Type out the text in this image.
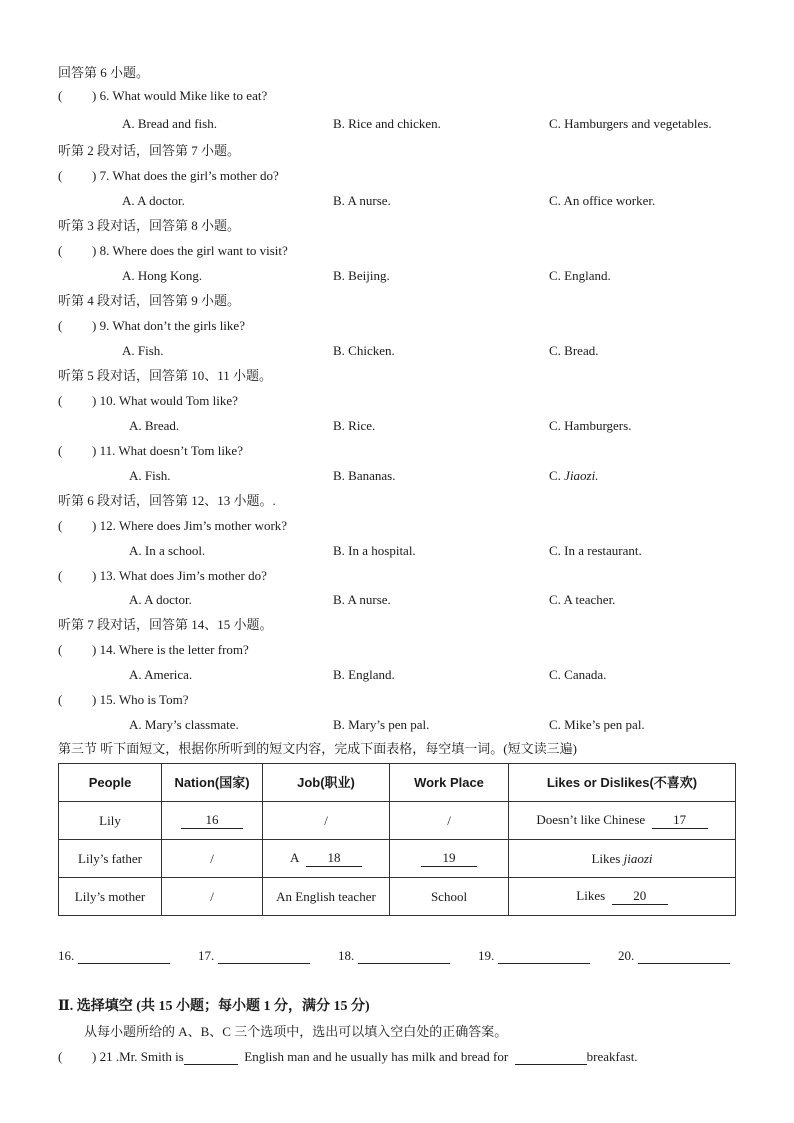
回答第 6 小题。
( ) 6. What would Mike like to eat?
A. Bread and fish.	B. Rice and chicken.	C. Hamburgers and vegetables.
听第 2 段对话，回答第 7 小题。
( ) 7. What does the girl’s mother do?
A. A doctor.	B. A nurse.	C. An office worker.
听第 3 段对话，回答第 8 小题。
( ) 8. Where does the girl want to visit?
A. Hong Kong.	B. Beijing.	C. England.
听第 4 段对话，回答第 9 小题。
( ) 9. What don’t the girls like?
A. Fish.	B. Chicken.	C. Bread.
听第 5 段对话，回答第 10、11 小题。
( ) 10. What would Tom like?
A. Bread.	B. Rice.	C. Hamburgers.
( ) 11. What doesn’t Tom like?
A. Fish.	B. Bananas.	C. Jiaozi.
听第 6 段对话，回答第 12、13 小题。.
( ) 12. Where does Jim’s mother work?
A. In a school.	B. In a hospital.	C. In a restaurant.
( ) 13. What does Jim’s mother do?
A. A doctor.	B. A nurse.	C. A teacher.
听第 7 段对话，回答第 14、15 小题。
( ) 14. Where is the letter from?
A. America.	B. England.	C. Canada.
( ) 15. Who is Tom?
A. Mary’s classmate.	B. Mary’s pen pal.	C. Mike’s pen pal.
第三节 听下面短文，根据你所听到的短文内容，完成下面表格，每空填一词。(短文读三遍)
People	Nation(国家)	Job(职业)	Work Place	Likes or Dislikes(不喜欢)
Lily	16	/	/	Doesn’t like Chinese 17
Lily’s father	/	A 18	19	Likes jiaozi
Lily’s mother	/	An English teacher	School	Likes 20
16.	17.	18.	19.	20.
Ⅱ. 选择填空 (共 15 小题；每小题 1 分，满分 15 分)
从每小题所给的 A、B、C 三个选项中，选出可以填入空白处的正确答案。
( ) 21 .Mr. Smith is	English man and he usually has milk and bread for	breakfast.
